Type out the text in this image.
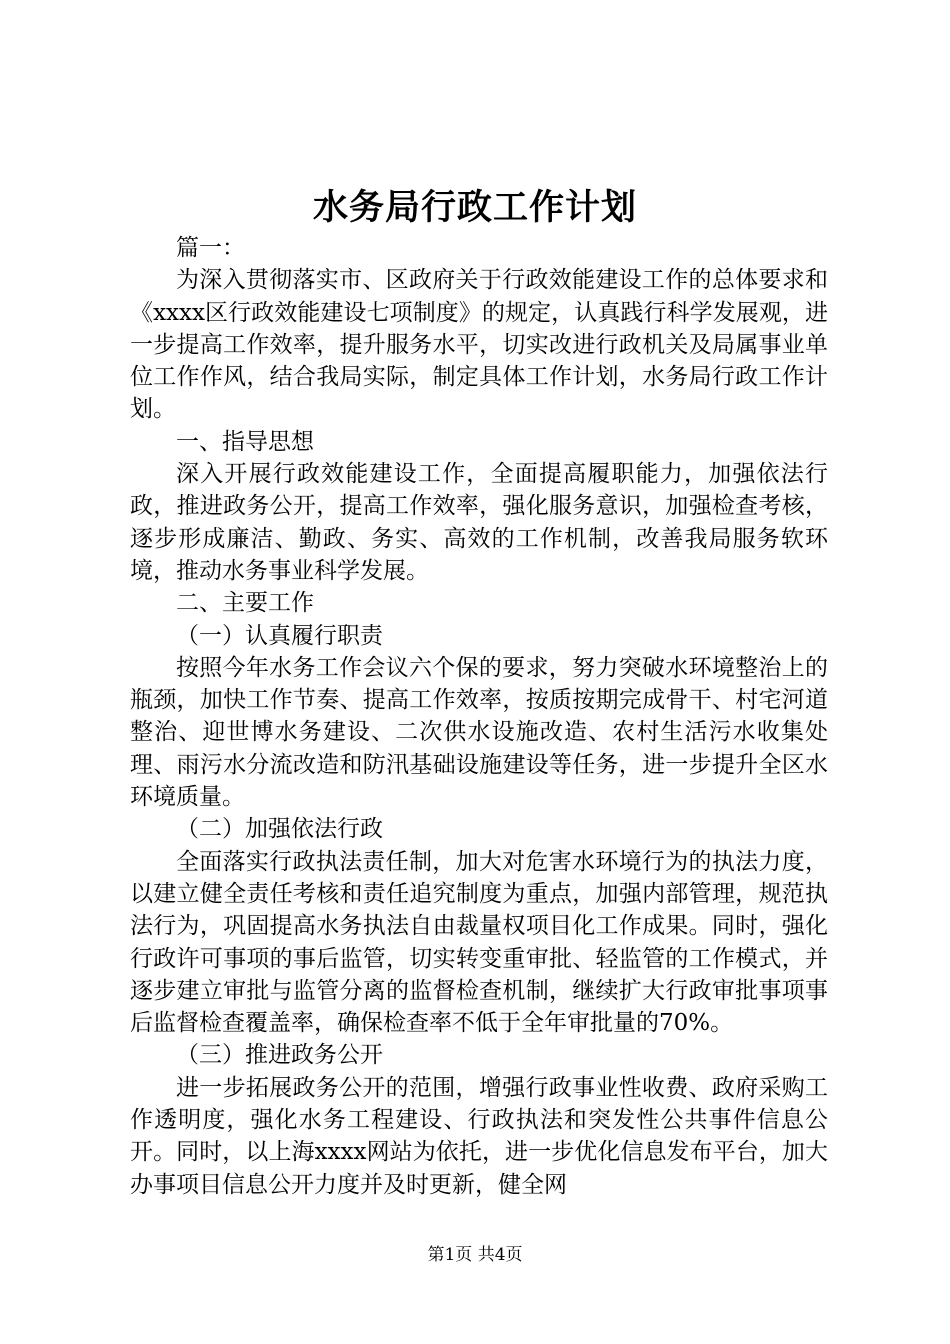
水务局行政工作计划

篇一：

为深入贯彻落实市、区政府关于行政效能建设工作的总体要求和《xxxx区行政效能建设七项制度》的规定，认真践行科学发展观，进一步提高工作效率，提升服务水平，切实改进行政机关及局属事业单位工作作风，结合我局实际，制定具体工作计划，水务局行政工作计划。

一、指导思想

深入开展行政效能建设工作，全面提高履职能力，加强依法行政，推进政务公开，提高工作效率，强化服务意识，加强检查考核，逐步形成廉洁、勤政、务实、高效的工作机制，改善我局服务软环境，推动水务事业科学发展。

二、主要工作

（一）认真履行职责

按照今年水务工作会议六个保的要求，努力突破水环境整治上的瓶颈，加快工作节奏、提高工作效率，按质按期完成骨干、村宅河道整治、迎世博水务建设、二次供水设施改造、农村生活污水收集处理、雨污水分流改造和防汛基础设施建设等任务，进一步提升全区水环境质量。

（二）加强依法行政

全面落实行政执法责任制，加大对危害水环境行为的执法力度，以建立健全责任考核和责任追究制度为重点，加强内部管理，规范执法行为，巩固提高水务执法自由裁量权项目化工作成果。同时，强化行政许可事项的事后监管，切实转变重审批、轻监管的工作模式，并逐步建立审批与监管分离的监督检查机制，继续扩大行政审批事项事后监督检查覆盖率，确保检查率不低于全年审批量的70%。

（三）推进政务公开

进一步拓展政务公开的范围，增强行政事业性收费、政府采购工作透明度，强化水务工程建设、行政执法和突发性公共事件信息公开。同时，以上海xxxx网站为依托，进一步优化信息发布平台，加大办事项目信息公开力度并及时更新，健全网

第1页 共4页
